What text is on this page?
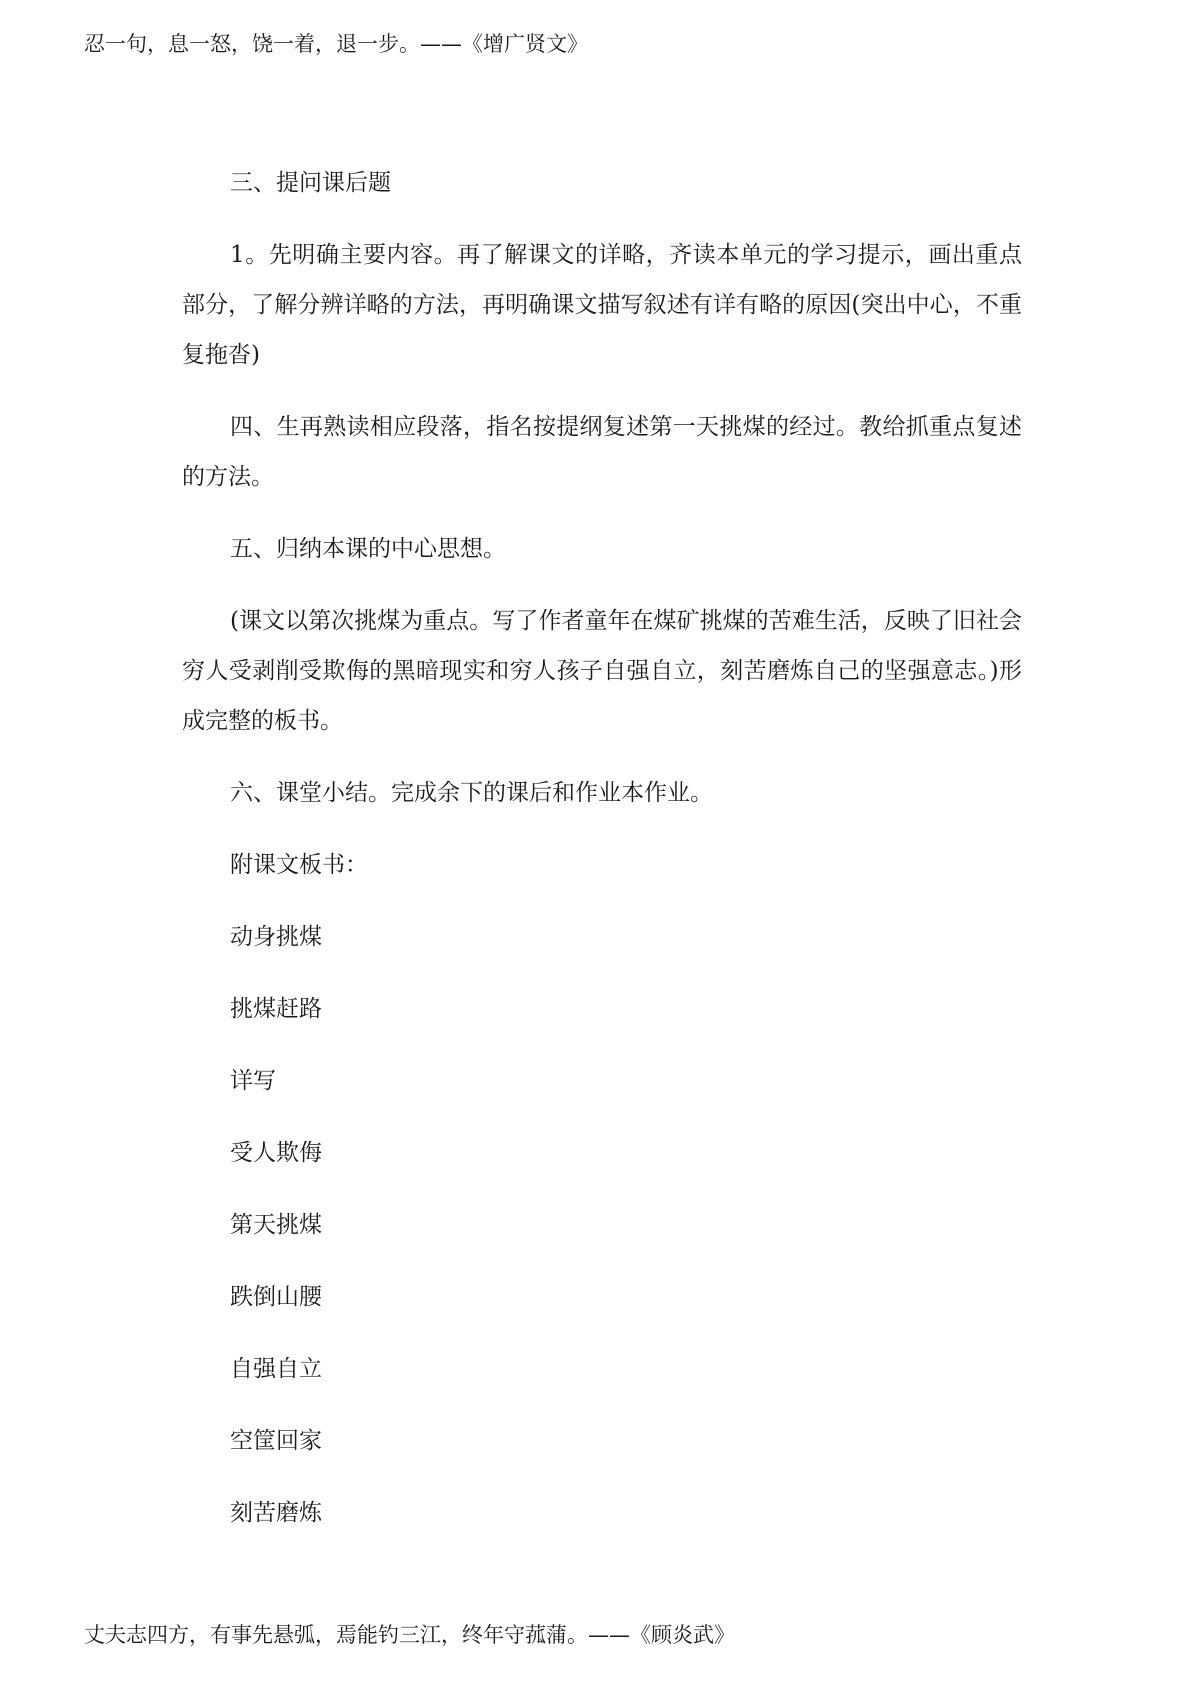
忍一句，息一怒，饶一着，退一步。——《增广贤文》

三、提问课后题

1。先明确主要内容。再了解课文的详略，齐读本单元的学习提示，画出重点部分，了解分辨详略的方法，再明确课文描写叙述有详有略的原因(突出中心，不重复拖沓)

四、生再熟读相应段落，指名按提纲复述第一天挑煤的经过。教给抓重点复述的方法。

五、归纳本课的中心思想。

(课文以第次挑煤为重点。写了作者童年在煤矿挑煤的苦难生活，反映了旧社会穷人受剥削受欺侮的黑暗现实和穷人孩子自强自立，刻苦磨炼自己的坚强意志。)形成完整的板书。

六、课堂小结。完成余下的课后和作业本作业。

附课文板书：

动身挑煤

挑煤赶路

详写

受人欺侮

第天挑煤

跌倒山腰

自强自立

空筐回家

刻苦磨炼

丈夫志四方，有事先悬弧，焉能钓三江，终年守菰蒲。——《顾炎武》
